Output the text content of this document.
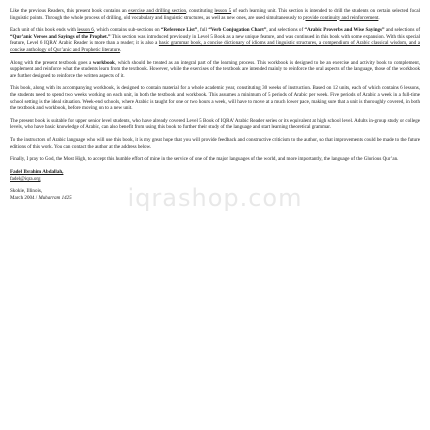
iqrashop.com

Like the previous Readers, this present book contains an exercise and drilling section, constituting lesson 5 of each learning unit. This section is intended to drill the students on certain selected focal linguistic points. Through the whole process of drilling, old vocabulary and linguistic structures, as well as new ones, are used simultaneously to provide continuity and reinforcement.

Each unit of this book ends with lesson 6, which contains sub-sections on “Reference List”, full “Verb Conjugation Chart”, and selections of “Arabic Proverbs and Wise Sayings” and selections of “Qur’anic Verses and Sayings of the Prophet.” This section was introduced previously in Level 5 Book as a new unique feature, and was continued in this book with some expansion. With this special feature, Level 6 IQRA’ Arabic Reader is more than a reader; it is also a basic grammar book, a concise dictionary of idioms and linguistic structures, a compendium of Arabic classical wisdom, and a concise anthology of Qur’anic and Prophetic literature.

Along with the present textbook goes a workbook, which should be treated as an integral part of the learning process. This workbook is designed to be an exercise and activity book to complement, supplement and reinforce what the students learn from the textbook. However, while the exercises of the textbook are intended mainly to reinforce the oral aspects of the language, those of the workbook are further designed to reinforce the written aspects of it.

This book, along with its accompanying workbook, is designed to contain material for a whole academic year, constituting 30 weeks of instruction. Based on 12 units, each of which contains 6 lessons, the students need to spend two weeks working on each unit, in both the textbook and workbook. This assumes a minimum of 5 periods of Arabic per week. Five periods of Arabic a week in a full-time school setting is the ideal situation. Week-end schools, where Arabic is taught for one or two hours a week, will have to move at a much lower pace, making sure that a unit is thoroughly covered, in both the textbook and workbook, before moving on to a new unit.

The present book is suitable for upper senior level students, who have already covered Level 5 Book of IQRA’ Arabic Reader series or its equivalent at high school level. Adults in-group study or college levels, who have basic knowledge of Arabic, can also benefit from using this book to further their study of the language and start learning theoretical grammar.

To the instructors of Arabic language who will use this book, it is my great hope that you will provide feedback and constructive criticism to the author, so that improvements could be made to the future editions of this work. You can contact the author at the address below.

Finally, I pray to God, the Most High, to accept this humble effort of mine in the service of one of the major languages of the world, and more importantly, the language of the Glorious Qur’an.

Fadel Ibrahim Abdallah,
fadel@iqra.org
Skokie, Illinois,
March 2004 / Muharram 1425
